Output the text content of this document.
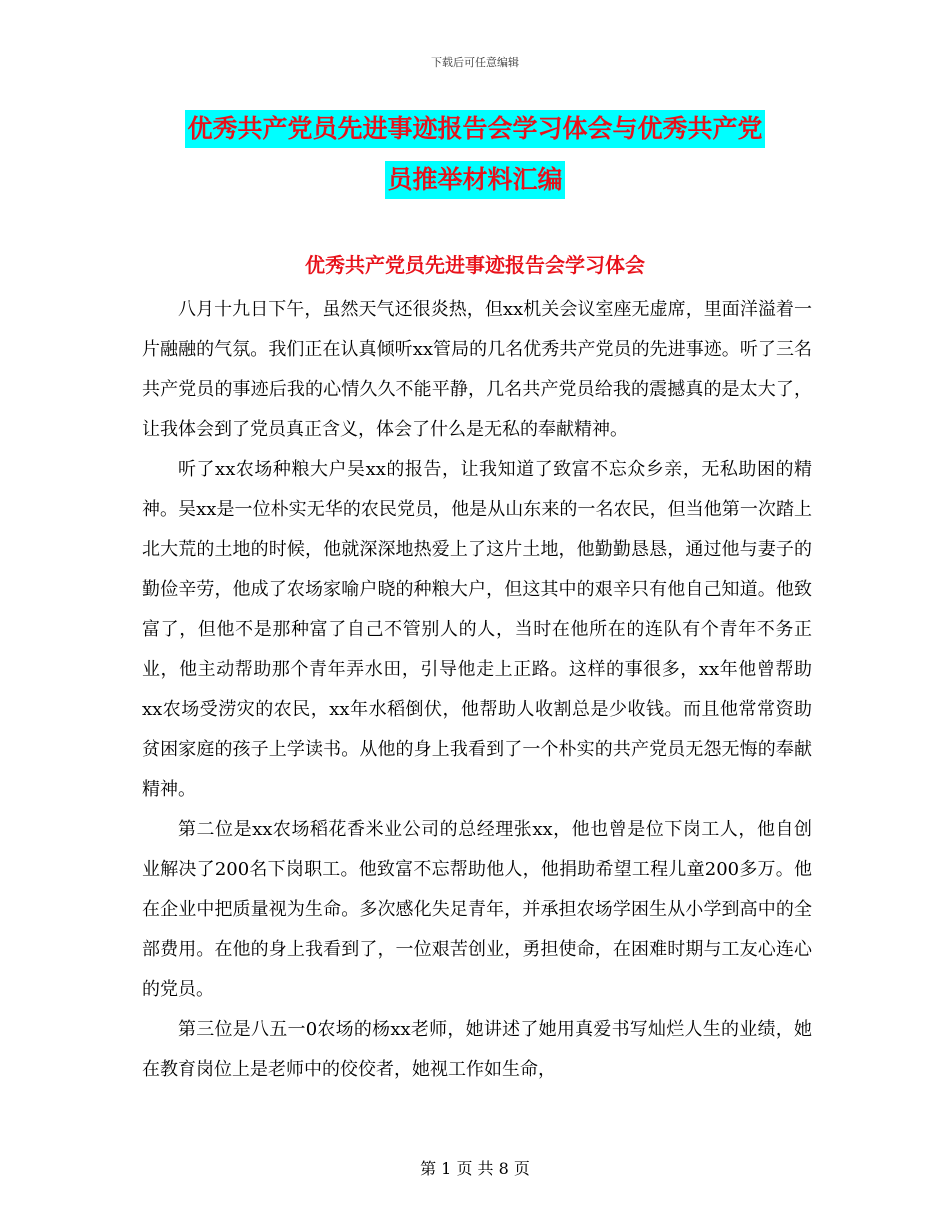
下载后可任意编辑
优秀共产党员先进事迹报告会学习体会与优秀共产党
员推举材料汇编
优秀共产党员先进事迹报告会学习体会

八月十九日下午，虽然天气还很炎热，但xx机关会议室座无虚席，里面洋溢着一片融融的气氛。我们正在认真倾听xx管局的几名优秀共产党员的先进事迹。听了三名共产党员的事迹后我的心情久久不能平静，几名共产党员给我的震撼真的是太大了，让我体会到了党员真正含义，体会了什么是无私的奉献精神。

听了xx农场种粮大户吴xx的报告，让我知道了致富不忘众乡亲，无私助困的精神。吴xx是一位朴实无华的农民党员，他是从山东来的一名农民，但当他第一次踏上北大荒的土地的时候，他就深深地热爱上了这片土地，他勤勤恳恳，通过他与妻子的勤俭辛劳，他成了农场家喻户晓的种粮大户，但这其中的艰辛只有他自己知道。他致富了，但他不是那种富了自己不管别人的人，当时在他所在的连队有个青年不务正业，他主动帮助那个青年弄水田，引导他走上正路。这样的事很多，xx年他曾帮助xx农场受涝灾的农民，xx年水稻倒伏，他帮助人收割总是少收钱。而且他常常资助贫困家庭的孩子上学读书。从他的身上我看到了一个朴实的共产党员无怨无悔的奉献精神。

第二位是xx农场稻花香米业公司的总经理张xx，他也曾是位下岗工人，他自创业解决了200名下岗职工。他致富不忘帮助他人，他捐助希望工程儿童200多万。他在企业中把质量视为生命。多次感化失足青年，并承担农场学困生从小学到高中的全部费用。在他的身上我看到了，一位艰苦创业，勇担使命，在困难时期与工友心连心的党员。

第三位是八五一0农场的杨xx老师，她讲述了她用真爱书写灿烂人生的业绩，她在教育岗位上是老师中的佼佼者，她视工作如生命，

第 1 页 共 8 页
